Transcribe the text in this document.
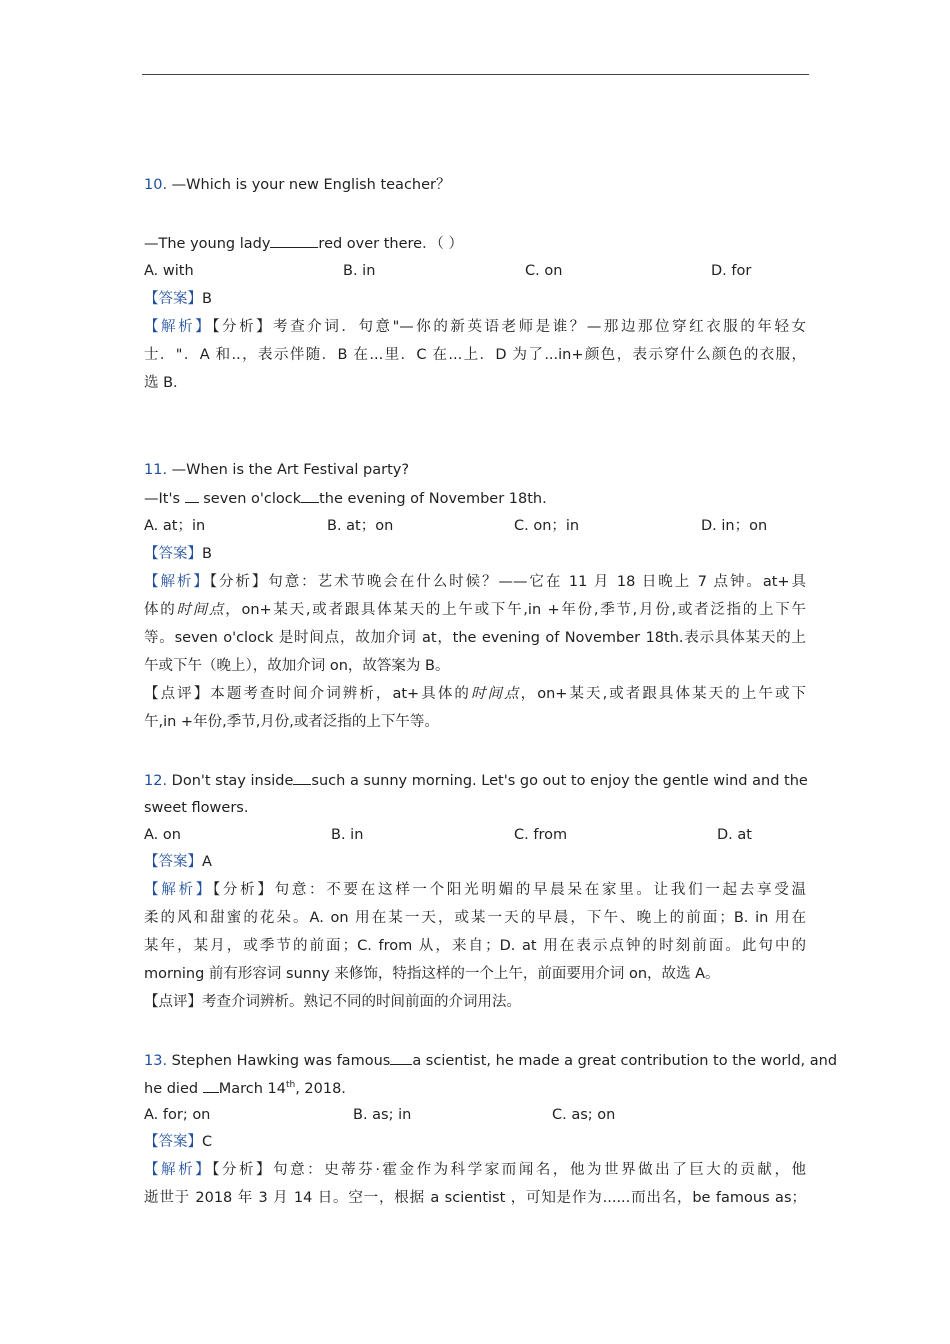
10. —Which is your new English teacher？
—The young lady	red over there．（ ）
A. with	B. in	C. on	D. for
【答案】B
【解析】【分析】考查介词．句意"—你的新英语老师是谁？—那边那位穿红衣服的年轻女
士．"．A 和..，表示伴随．B 在...里．C 在...上．D 为了...in+颜色，表示穿什么颜色的衣服，
选 B．
11. —When is the Art Festival party?
—It's seven o'clock the evening of November 18th.
A. at；in	B. at；on	C. on；in	D. in；on
【答案】B
【解析】【分析】句意：艺术节晚会在什么时候？——它在 11 月 18 日晚上 7 点钟。at+具
体的时间点，on+某天,或者跟具体某天的上午或下午,in +年份,季节,月份,或者泛指的上下午
等。seven o'clock 是时间点，故加介词 at，the evening of November 18th.表示具体某天的上
午或下午（晚上），故加介词 on，故答案为 B。
【点评】本题考查时间介词辨析，at+具体的时间点，on+某天,或者跟具体某天的上午或下
午,in +年份,季节,月份,或者泛指的上下午等。
12. Don't stay inside such a sunny morning. Let's go out to enjoy the gentle wind and the
sweet flowers.
A. on	B. in	C. from	D. at
【答案】A
【解析】【分析】句意：不要在这样一个阳光明媚的早晨呆在家里。让我们一起去享受温
柔的风和甜蜜的花朵。A. on 用在某一天，或某一天的早晨，下午、晚上的前面；B. in 用在
某年，某月，或季节的前面；C. from 从，来自；D. at 用在表示点钟的时刻前面。此句中的
morning 前有形容词 sunny 来修饰，特指这样的一个上午，前面要用介词 on，故选 A。
【点评】考查介词辨析。熟记不同的时间前面的介词用法。
13. Stephen Hawking was famous a scientist, he made a great contribution to the world, and
he died March 14th, 2018.
A. for; on	B. as; in	C. as; on
【答案】C
【解析】【分析】句意：史蒂芬·霍金作为科学家而闻名，他为世界做出了巨大的贡献，他
逝世于 2018 年 3 月 14 日。空一，根据 a scientist ，可知是作为......而出名，be famous as；
